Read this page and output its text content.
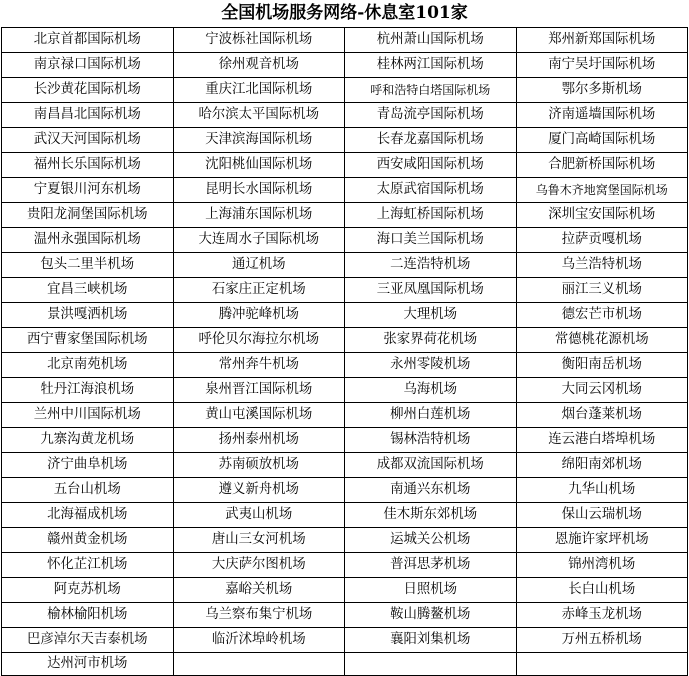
全国机场服务网络-休息室101家
北京首都国际机场	宁波栎社国际机场	杭州萧山国际机场	郑州新郑国际机场
南京禄口国际机场	徐州观音机场	桂林两江国际机场	南宁吴圩国际机场
长沙黄花国际机场	重庆江北国际机场	呼和浩特白塔国际机场	鄂尔多斯机场
南昌昌北国际机场	哈尔滨太平国际机场	青岛流亭国际机场	济南遥墙国际机场
武汉天河国际机场	天津滨海国际机场	长春龙嘉国际机场	厦门高崎国际机场
福州长乐国际机场	沈阳桃仙国际机场	西安咸阳国际机场	合肥新桥国际机场
宁夏银川河东机场	昆明长水国际机场	太原武宿国际机场	乌鲁木齐地窝堡国际机场
贵阳龙洞堡国际机场	上海浦东国际机场	上海虹桥国际机场	深圳宝安国际机场
温州永强国际机场	大连周水子国际机场	海口美兰国际机场	拉萨贡嘎机场
包头二里半机场	通辽机场	二连浩特机场	乌兰浩特机场
宜昌三峡机场	石家庄正定机场	三亚凤凰国际机场	丽江三义机场
景洪嘎洒机场	腾冲驼峰机场	大理机场	德宏芒市机场
西宁曹家堡国际机场	呼伦贝尔海拉尔机场	张家界荷花机场	常德桃花源机场
北京南苑机场	常州奔牛机场	永州零陵机场	衡阳南岳机场
牡丹江海浪机场	泉州晋江国际机场	乌海机场	大同云冈机场
兰州中川国际机场	黄山屯溪国际机场	柳州白莲机场	烟台蓬莱机场
九寨沟黄龙机场	扬州泰州机场	锡林浩特机场	连云港白塔埠机场
济宁曲阜机场	苏南硕放机场	成都双流国际机场	绵阳南郊机场
五台山机场	遵义新舟机场	南通兴东机场	九华山机场
北海福成机场	武夷山机场	佳木斯东郊机场	保山云瑞机场
赣州黄金机场	唐山三女河机场	运城关公机场	恩施许家坪机场
怀化芷江机场	大庆萨尔图机场	普洱思茅机场	锦州湾机场
阿克苏机场	嘉峪关机场	日照机场	长白山机场
榆林榆阳机场	乌兰察布集宁机场	鞍山腾鳌机场	赤峰玉龙机场
巴彦淖尔天吉泰机场	临沂沭埠岭机场	襄阳刘集机场	万州五桥机场
达州河市机场			
